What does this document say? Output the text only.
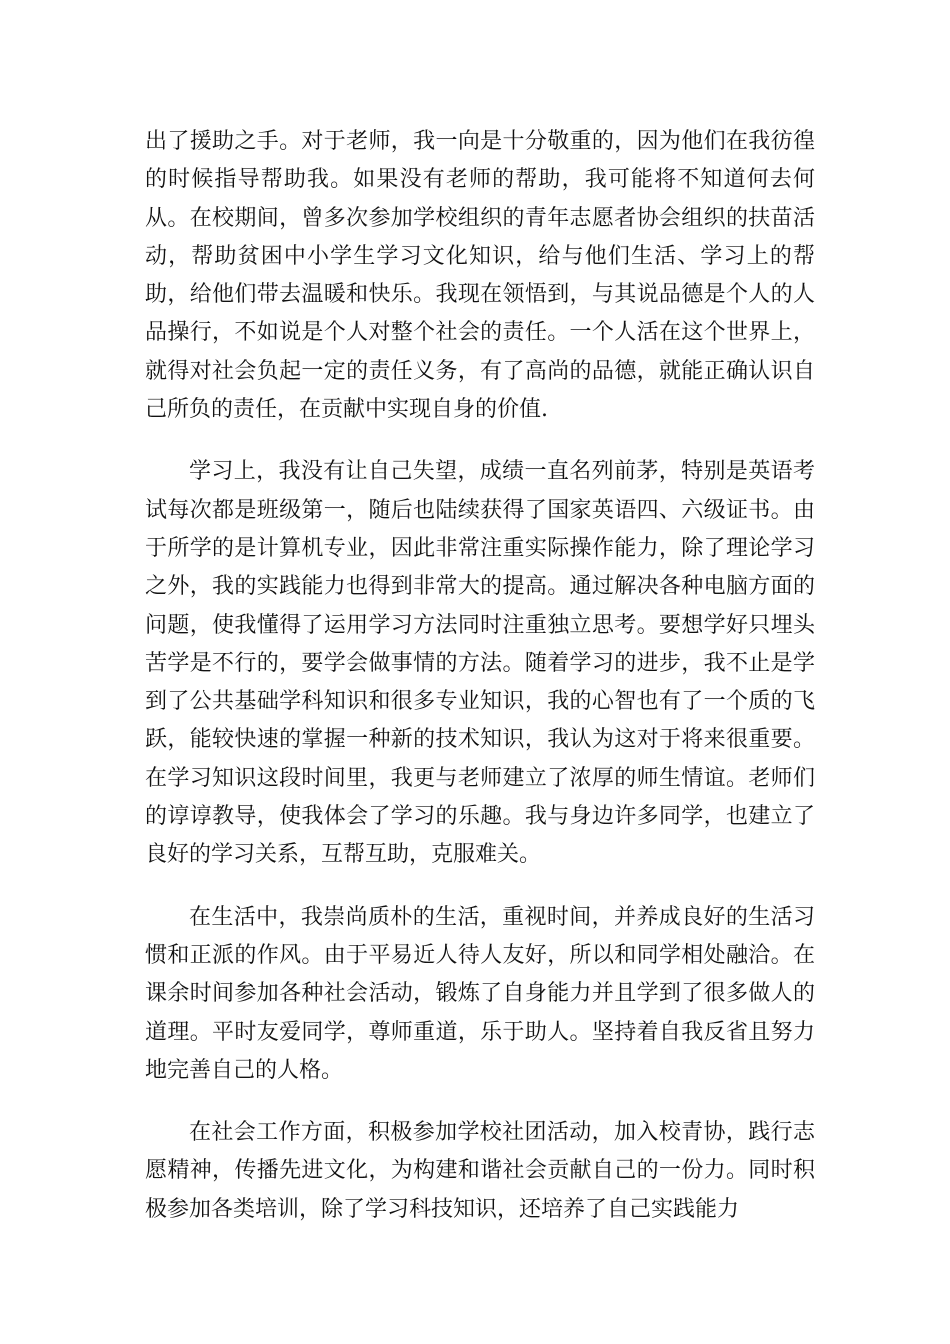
出了援助之手。对于老师，我一向是十分敬重的，因为他们在我彷徨的时候指导帮助我。如果没有老师的帮助，我可能将不知道何去何从。在校期间，曾多次参加学校组织的青年志愿者协会组织的扶苗活动，帮助贫困中小学生学习文化知识，给与他们生活、学习上的帮助，给他们带去温暖和快乐。我现在领悟到，与其说品德是个人的人品操行，不如说是个人对整个社会的责任。一个人活在这个世界上，就得对社会负起一定的责任义务，有了高尚的品德，就能正确认识自己所负的责任，在贡献中实现自身的价值.

学习上，我没有让自己失望，成绩一直名列前茅，特别是英语考试每次都是班级第一，随后也陆续获得了国家英语四、六级证书。由于所学的是计算机专业，因此非常注重实际操作能力，除了理论学习之外，我的实践能力也得到非常大的提高。通过解决各种电脑方面的问题，使我懂得了运用学习方法同时注重独立思考。要想学好只埋头苦学是不行的，要学会做事情的方法。随着学习的进步，我不止是学到了公共基础学科知识和很多专业知识，我的心智也有了一个质的飞跃，能较快速的掌握一种新的技术知识，我认为这对于将来很重要。在学习知识这段时间里，我更与老师建立了浓厚的师生情谊。老师们的谆谆教导，使我体会了学习的乐趣。我与身边许多同学，也建立了良好的学习关系，互帮互助，克服难关。

在生活中，我崇尚质朴的生活，重视时间，并养成良好的生活习惯和正派的作风。由于平易近人待人友好，所以和同学相处融洽。在课余时间参加各种社会活动，锻炼了自身能力并且学到了很多做人的道理。平时友爱同学，尊师重道，乐于助人。坚持着自我反省且努力地完善自己的人格。

在社会工作方面，积极参加学校社团活动，加入校青协，践行志愿精神，传播先进文化，为构建和谐社会贡献自己的一份力。同时积极参加各类培训，除了学习科技知识，还培养了自己实践能力
